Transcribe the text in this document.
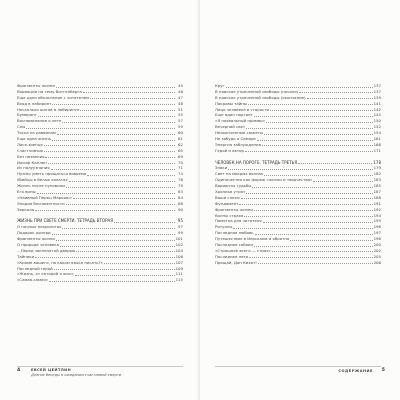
Фрагменты жизни	45
Вариации на тему Витгенберга	46
Еще одно объяснение с читателем	47
Вход в лабиринт	48
Несколько шагов в лабиринте	51
Бумеранг	55
Воспоминание о лете	57
Сны	59
Тоска по раввинам	60
Еще одна жизнь	61
Ласе-зренце	62
Счастливчик	65
Без названия	69
Иосиф Каплан	70
Из полуузнания	71
Нужно уметь прощаться вовремя	74
Убийцы в белых халатах	76
Жизнь после пуповины	79
Его вины	83
«Наивный Перец Маркиш»	84
Эподия беспамятности	88
Зеркало	90
ЖИЗНЬ ПРИ СВЕТЕ СМЕРТИ. ТЕТРАДЬ ВТОРАЯ	95
О ночных некрологах	97
Подарок дочери	99
Фрагменты жизни	101
О природе человека	102
...Перед заклепотой дверью	104
Тайники	106
«Кроме вашего, на каком языке писать?»	107
Последний герой	109
«Жизнь, от которой я жил»	111
«Самая-самая»	115
4	ЕВСЕЙ ЦЕЙТЛИН
Долгие беседы в ожидании счастливой смерти
СОДЕРЖАНИЕ 5
Круг	137
В поисках утраченной свободы (начало)	137
В поисках утраченной свободы (окончание)	139
Покровы тайны	141
Лицо человека в старости	142
Еще один портрет	145
«Я похвальный пример»	150
Вечерний свет	152
Неоконченные сюжеты	154
Не забудь о Самаре	161
Энергия заблуждения	168
Герой и автор	171
ЧЕЛОВЕК НА ПОРОГЕ. ТЕТРАДЬ ТРЕТЬЯ	178
Знаки	179
Свет на мокрых волнах	182
Одиночество как форма «жизни и творчества»	183
Варианты судьбы	185
Хроника утрат	187
Ваши слезы	188
Фундамент	191
Фрагменты жизни	192
Волны страха	194
Пометка для читателя	195
Ритуалы	196
Последняя любовь	197
Путешествие в Иерсалим и обратно	198
Последние собаки	200
«Страшнее всего — страх»	202
Последнее лето	205
Прощай, Дон Кихот!	206
